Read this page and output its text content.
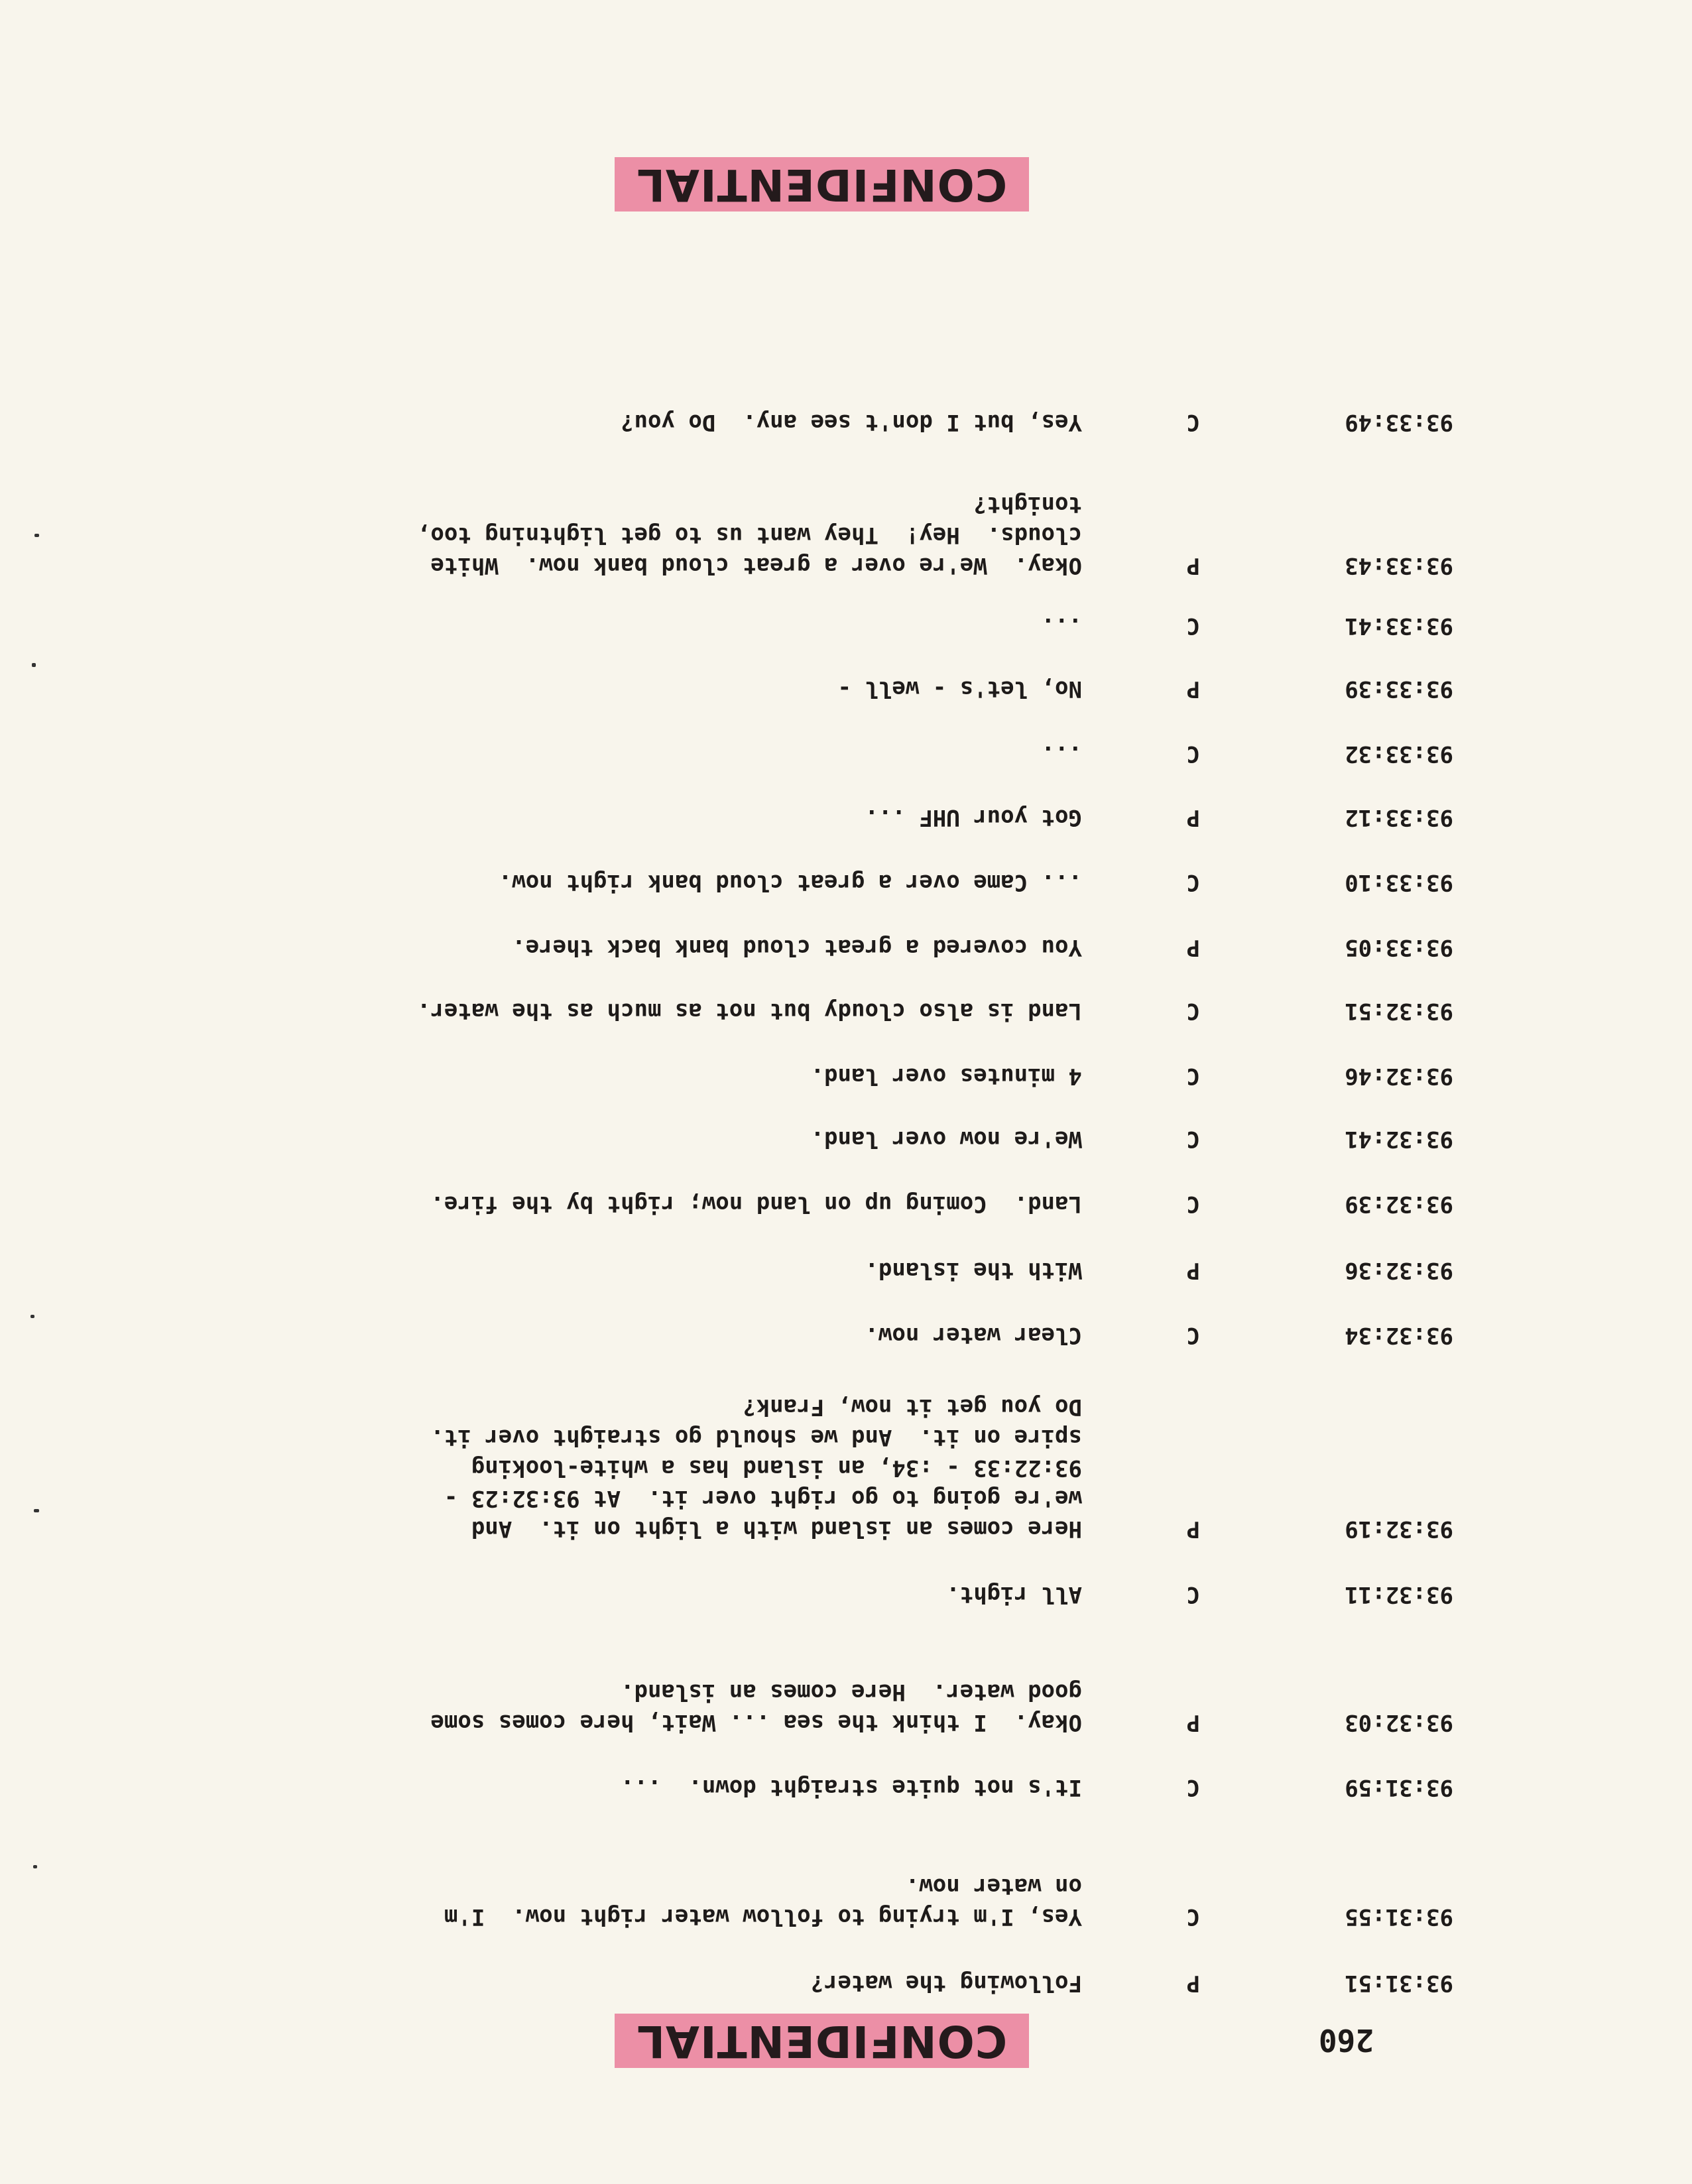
260
CONFIDENTIAL
CONFIDENTIAL
93:31:51
P
Following the water?
93:31:55
C
Yes, I'm trying to follow water right now.  I'm
on water now.
93:31:59
C
It's not quite straight down.  ...
93:32:03
P
Okay.  I think the sea ... Wait, here comes some
good water.  Here comes an island.
93:32:11
C
All right.
93:32:19
P
Here comes an island with a light on it.  And
we're going to go right over it.  At 93:32:23 -
93:22:33 - :34, an island has a white-looking
spire on it.  And we should go straight over it.
Do you get it now, Frank?
93:32:34
C
Clear water now.
93:32:36
P
With the island.
93:32:39
C
Land.  Coming up on land now; right by the fire.
93:32:41
C
We're now over land.
93:32:46
C
4 minutes over land.
93:32:51
C
Land is also cloudy but not as much as the water.
93:33:05
P
You covered a great cloud bank back there.
93:33:10
C
... Came over a great cloud bank right now.
93:33:12
P
Got your UHF ...
93:33:32
C
...
93:33:39
P
No, let's - well -
93:33:41
C
...
93:33:43
P
Okay.  We're over a great cloud bank now.  White
clouds.  Hey!  They want us to get lightning too,
tonight?
93:33:49
C
Yes, but I don't see any.  Do you?
